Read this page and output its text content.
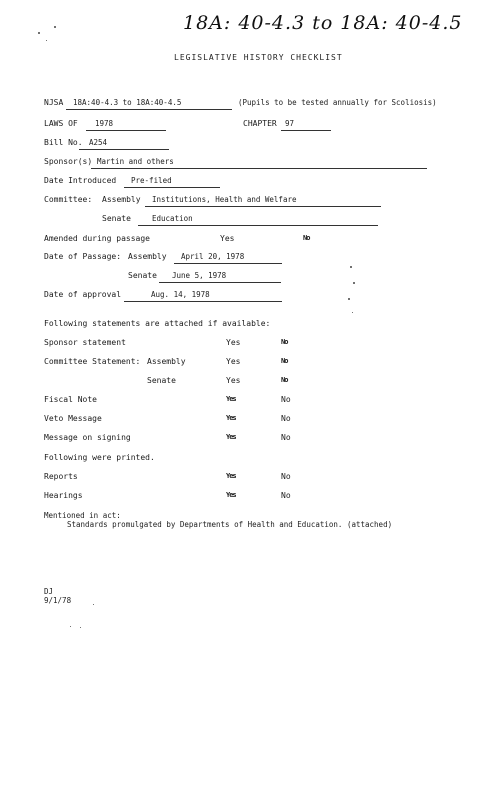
18A: 40-4.3 to 18A: 40-4.5
LEGISLATIVE HISTORY CHECKLIST
NJSA 18A:40-4.3 to 18A:40-4.5	(Pupils to be tested annually for Scoliosis)
LAWS OF 1978	CHAPTER 97
Bill No. A254
Sponsor(s) Martin and others
Date Introduced Pre-filed
Committee: Assembly Institutions, Health and Welfare
Senate	Education
Amended during passage	Yes	No
Date of Passage: Assembly April 20, 1978
Senate June 5, 1978
Date of approval	Aug. 14, 1978
Following statements are attached if available:
Sponsor statement	Yes	No
Committee Statement: Assembly	Yes	No
Senate	Yes	No
Fiscal Note	Yes	No
Veto Message	Yes	No
Message on signing	Yes	No
Following were printed.
Reports	Yes	No
Hearings	Yes	No
Mentioned in act:
Standards promulgated by Departments of Health and Education. (attached)
DJ
9/1/78
